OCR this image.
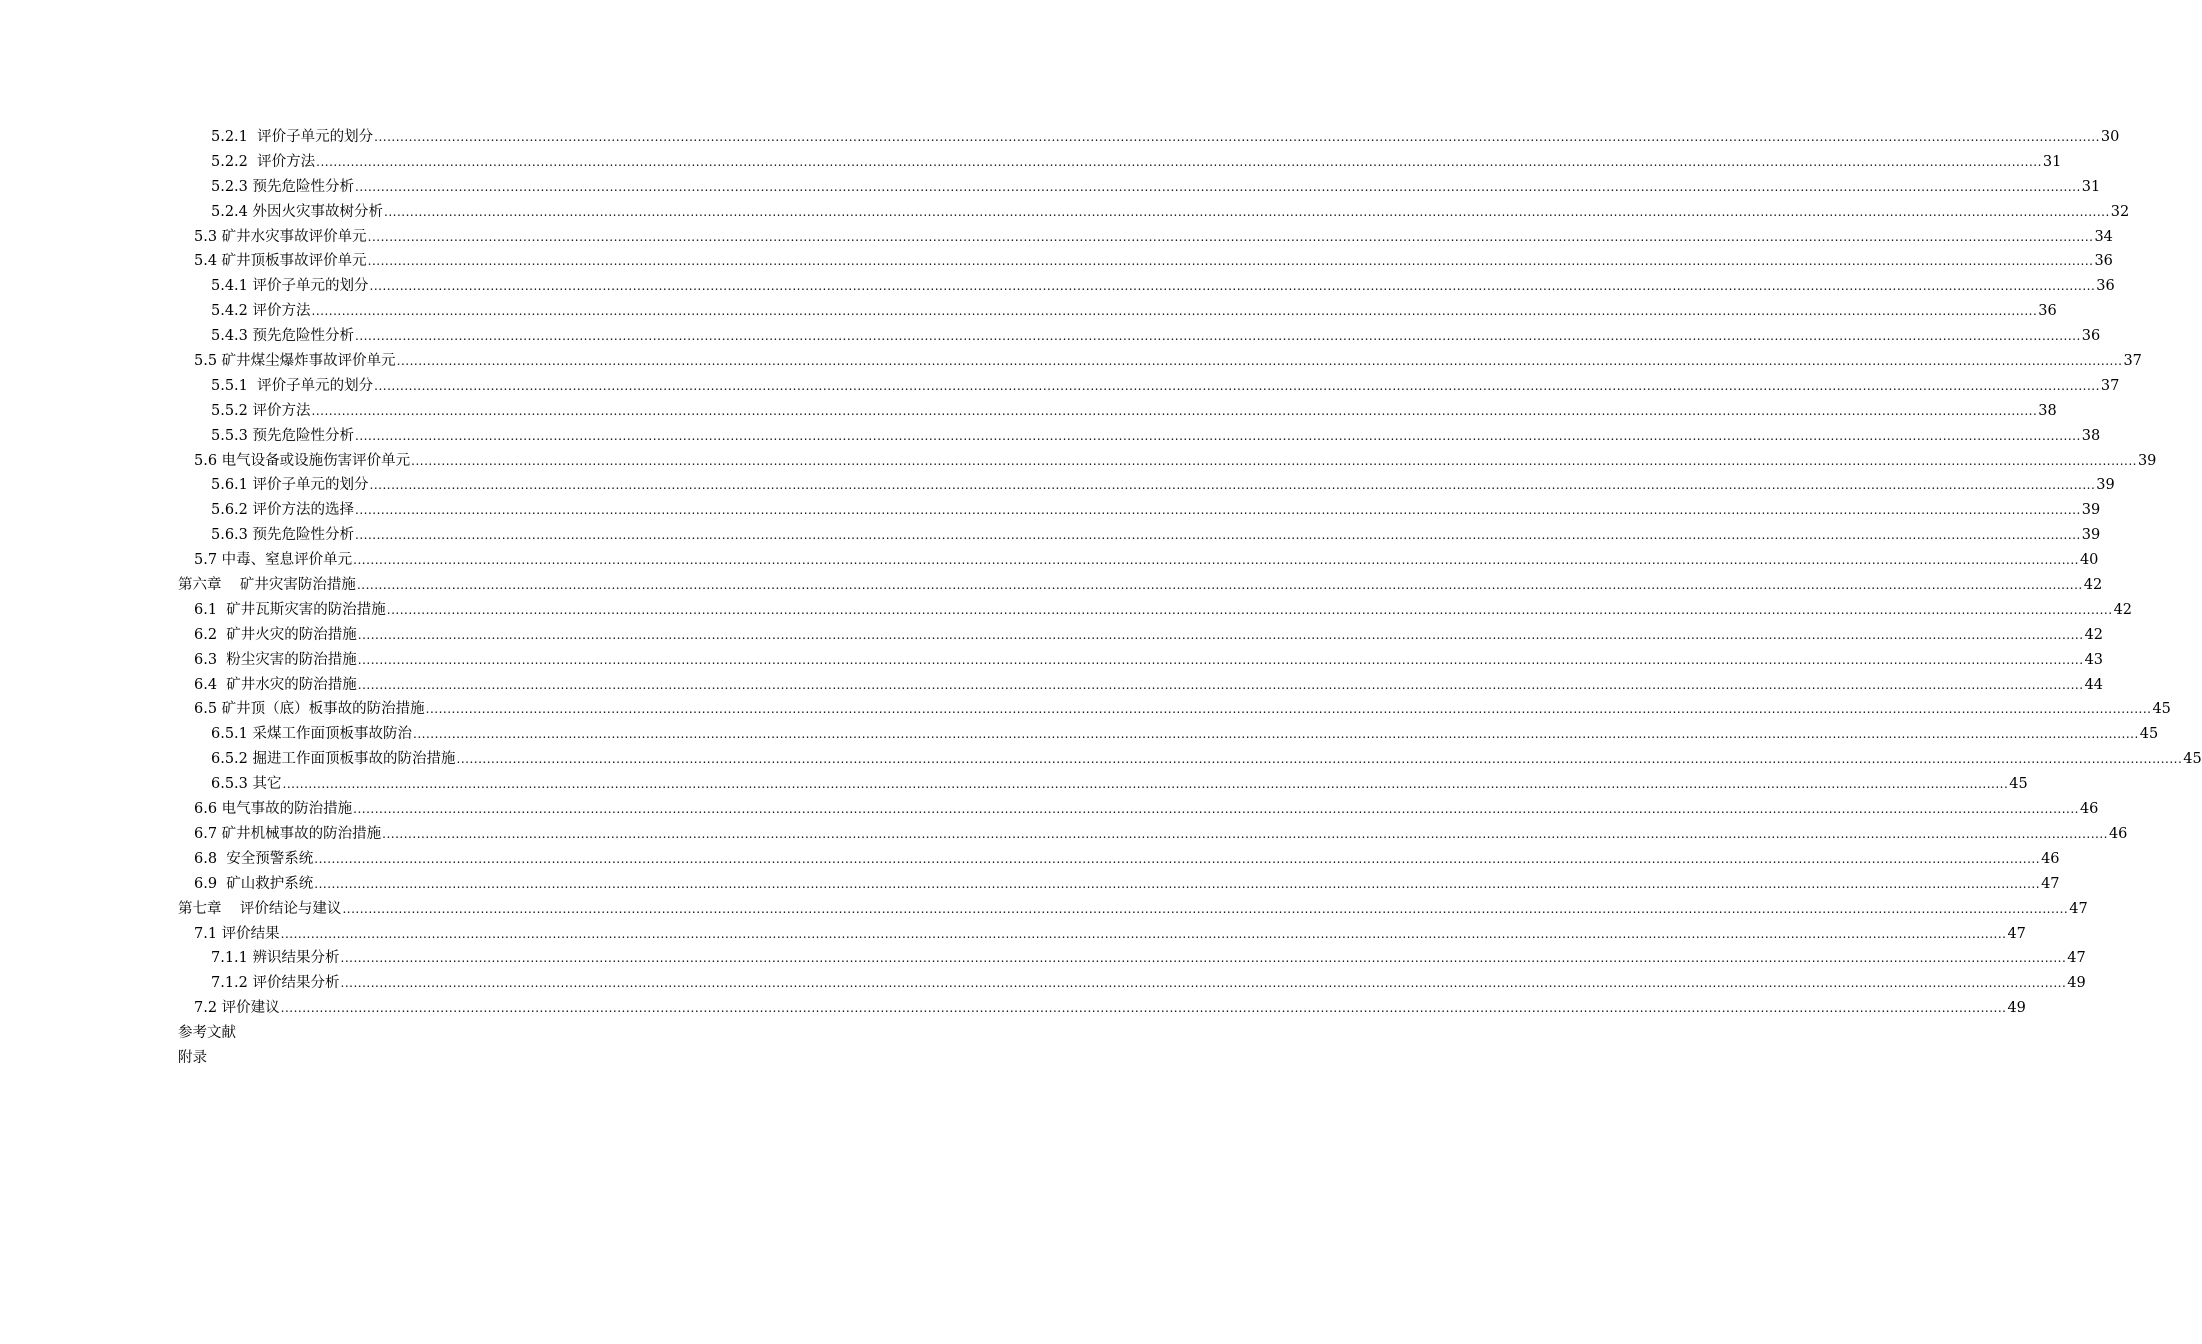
5.2.1  评价子单元的划分 ................................................................................................................................................................................................................................................................................................................................................................................................................ 30
5.2.2  评价方法 ................................................................................................................................................................................................................................................................................................................................................................................................................ 31
5.2.3 预先危险性分析 ................................................................................................................................................................................................................................................................................................................................................................................................................ 31
5.2.4 外因火灾事故树分析 ................................................................................................................................................................................................................................................................................................................................................................................................................ 32
5.3 矿井水灾事故评价单元 ................................................................................................................................................................................................................................................................................................................................................................................................................ 34
5.4 矿井顶板事故评价单元 ................................................................................................................................................................................................................................................................................................................................................................................................................ 36
5.4.1 评价子单元的划分 ................................................................................................................................................................................................................................................................................................................................................................................................................ 36
5.4.2 评价方法 ................................................................................................................................................................................................................................................................................................................................................................................................................ 36
5.4.3 预先危险性分析 ................................................................................................................................................................................................................................................................................................................................................................................................................ 36
5.5 矿井煤尘爆炸事故评价单元 ................................................................................................................................................................................................................................................................................................................................................................................................................ 37
5.5.1  评价子单元的划分 ................................................................................................................................................................................................................................................................................................................................................................................................................ 37
5.5.2 评价方法 ................................................................................................................................................................................................................................................................................................................................................................................................................ 38
5.5.3 预先危险性分析 ................................................................................................................................................................................................................................................................................................................................................................................................................ 38
5.6 电气设备或设施伤害评价单元 ................................................................................................................................................................................................................................................................................................................................................................................................................ 39
5.6.1 评价子单元的划分 ................................................................................................................................................................................................................................................................................................................................................................................................................ 39
5.6.2 评价方法的选择 ................................................................................................................................................................................................................................................................................................................................................................................................................ 39
5.6.3 预先危险性分析 ................................................................................................................................................................................................................................................................................................................................................................................................................ 39
5.7 中毒、窒息评价单元 ................................................................................................................................................................................................................................................................................................................................................................................................................ 40
第六章    矿井灾害防治措施 ................................................................................................................................................................................................................................................................................................................................................................................................................ 42
6.1  矿井瓦斯灾害的防治措施 ................................................................................................................................................................................................................................................................................................................................................................................................................ 42
6.2  矿井火灾的防治措施 ................................................................................................................................................................................................................................................................................................................................................................................................................ 42
6.3  粉尘灾害的防治措施 ................................................................................................................................................................................................................................................................................................................................................................................................................ 43
6.4  矿井水灾的防治措施 ................................................................................................................................................................................................................................................................................................................................................................................................................ 44
6.5 矿井顶（底）板事故的防治措施 ................................................................................................................................................................................................................................................................................................................................................................................................................ 45
6.5.1 采煤工作面顶板事故防治 ................................................................................................................................................................................................................................................................................................................................................................................................................ 45
6.5.2 掘进工作面顶板事故的防治措施 ................................................................................................................................................................................................................................................................................................................................................................................................................ 45
6.5.3 其它 ................................................................................................................................................................................................................................................................................................................................................................................................................ 45
6.6 电气事故的防治措施 ................................................................................................................................................................................................................................................................................................................................................................................................................ 46
6.7 矿井机械事故的防治措施 ................................................................................................................................................................................................................................................................................................................................................................................................................ 46
6.8  安全预警系统 ................................................................................................................................................................................................................................................................................................................................................................................................................ 46
6.9  矿山救护系统 ................................................................................................................................................................................................................................................................................................................................................................................................................ 47
第七章    评价结论与建议 ................................................................................................................................................................................................................................................................................................................................................................................................................ 47
7.1 评价结果 ................................................................................................................................................................................................................................................................................................................................................................................................................ 47
7.1.1 辨识结果分析 ................................................................................................................................................................................................................................................................................................................................................................................................................ 47
7.1.2 评价结果分析 ................................................................................................................................................................................................................................................................................................................................................................................................................ 49
7.2 评价建议 ................................................................................................................................................................................................................................................................................................................................................................................................................ 49
参考文献
附录
